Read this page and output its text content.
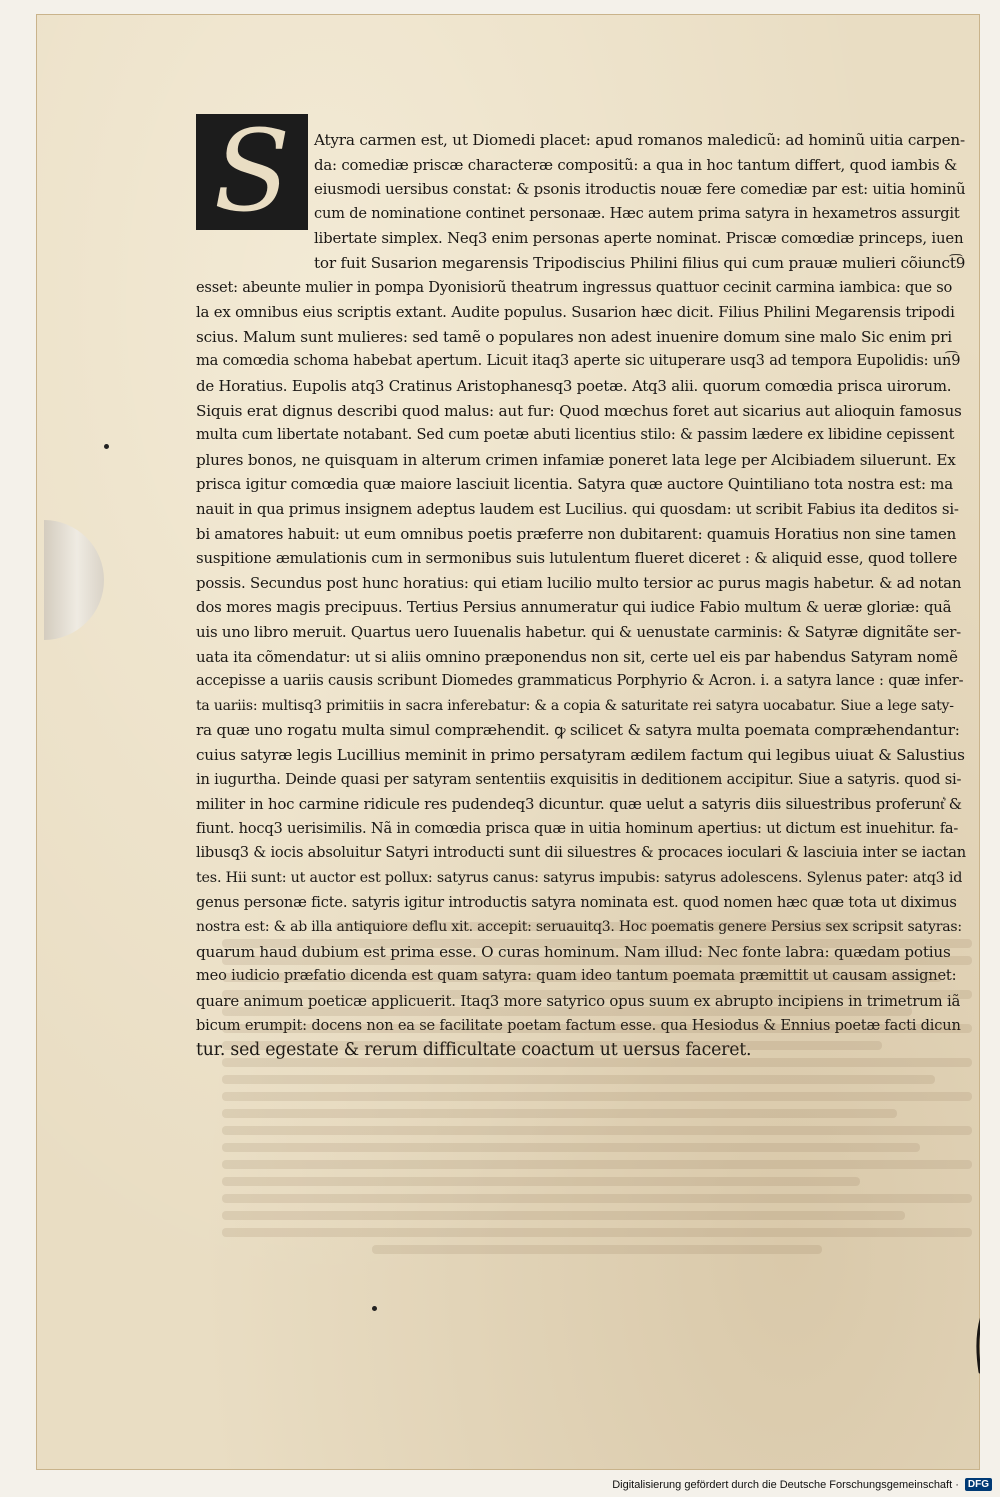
S Atyra carmen est, ut Diomedi placet: apud romanos maledicũ: ad hominũ uitia carpen-
da: comediæ priscæ characteræ compositũ: a qua in hoc tantum differt, quod iambis &
eiusmodi uersibus constat: & psonis itroductis nouæ fere comediæ par est: uitia hominũ
cum de nominatione continet personaæ. Hæc autem prima satyra in hexametros assurgit
libertate simplex. Neq3 enim personas aperte nominat. Priscæ comœdiæ princeps, iuen
tor fuit Susarion megarensis Tripodiscius Philini filius qui cum prauæ mulieri cõiunct͡9
esset: abeunte mulier in pompa Dyonisiorũ theatrum ingressus quattuor cecinit carmina iambica: que so
la ex omnibus eius scriptis extant. Audite populus. Susarion hæc dicit. Filius Philini Megarensis tripodi
scius. Malum sunt mulieres: sed tamẽ o populares non adest inuenire domum sine malo Sic enim pri
ma comœdia schoma habebat apertum. Licuit itaq3 aperte sic uituperare usq3 ad tempora Eupolidis: un͡9
de Horatius. Eupolis atq3 Cratinus Aristophanesq3 poetæ. Atq3 alii. quorum comœdia prisca uirorum.
Siquis erat dignus describi quod malus: aut fur: Quod mœchus foret aut sicarius aut alioquin famosus
multa cum libertate notabant. Sed cum poetæ abuti licentius stilo: & passim lædere ex libidine cepissent
plures bonos, ne quisquam in alterum crimen infamiæ poneret lata lege per Alcibiadem siluerunt. Ex
prisca igitur comœdia quæ maiore lasciuit licentia. Satyra quæ auctore Quintiliano tota nostra est: ma
nauit in qua primus insignem adeptus laudem est Lucilius. qui quosdam: ut scribit Fabius ita deditos si-
bi amatores habuit: ut eum omnibus poetis præferre non dubitarent: quamuis Horatius non sine tamen
suspitione æmulationis cum in sermonibus suis lutulentum flueret diceret : & aliquid esse, quod tollere
possis. Secundus post hunc horatius: qui etiam lucilio multo tersior ac purus magis habetur. & ad notan
dos mores magis precipuus. Tertius Persius annumeratur qui iudice Fabio multum & ueræ gloriæ: quã
uis uno libro meruit. Quartus uero Iuuenalis habetur. qui & uenustate carminis: & Satyræ dignitãte ser-
uata ita cõmendatur: ut si aliis omnino præponendus non sit, certe uel eis par habendus Satyram nomẽ
accepisse a uariis causis scribunt Diomedes grammaticus Porphyrio & Acron. i. a satyra lance : quæ infer-
ta uariis: multisq3 primitiis in sacra inferebatur: & a copia & saturitate rei satyra uocabatur. Siue a lege saty-
ra quæ uno rogatu multa simul compræhendit. ꝙ scilicet & satyra multa poemata compræhendantur:
cuius satyræ legis Lucillius meminit in primo persatyram ædilem factum qui legibus uiuat & Salustius
in iugurtha. Deinde quasi per satyram sententiis exquisitis in deditionem accipitur. Siue a satyris. quod si-
militer in hoc carmine ridicule res pudendeq3 dicuntur. quæ uelut a satyris diis siluestribus proferunt͛ &
fiunt. hocq3 uerisimilis. Nã in comœdia prisca quæ in uitia hominum apertius: ut dictum est inuehitur. fa-
libusq3 & iocis absoluitur Satyri introducti sunt dii siluestres & procaces ioculari & lasciuia inter se iactan
tes. Hii sunt: ut auctor est pollux: satyrus canus: satyrus impubis: satyrus adolescens. Sylenus pater: atq3 id
genus personæ ficte. satyris igitur introductis satyra nominata est. quod nomen hæc quæ tota ut diximus
nostra est: & ab illa antiquiore deflu xit. accepit: seruauitq3. Hoc poematis genere Persius sex scripsit satyras:
quarum haud dubium est prima esse. O curas hominum. Nam illud: Nec fonte labra: quædam potius
meo iudicio præfatio dicenda est quam satyra: quam ideo tantum poemata præmittit ut causam assignet:
quare animum poeticæ applicuerit. Itaq3 more satyrico opus suum ex abrupto incipiens in trimetrum iã
bicum erumpit: docens non ea se facilitate poetam factum esse. qua Hesiodus & Ennius poetæ facti dicun
tur. sed egestate & rerum difficultate coactum ut uersus faceret.
Digitalisierung gefördert durch die Deutsche Forschungsgemeinschaft · DFG
